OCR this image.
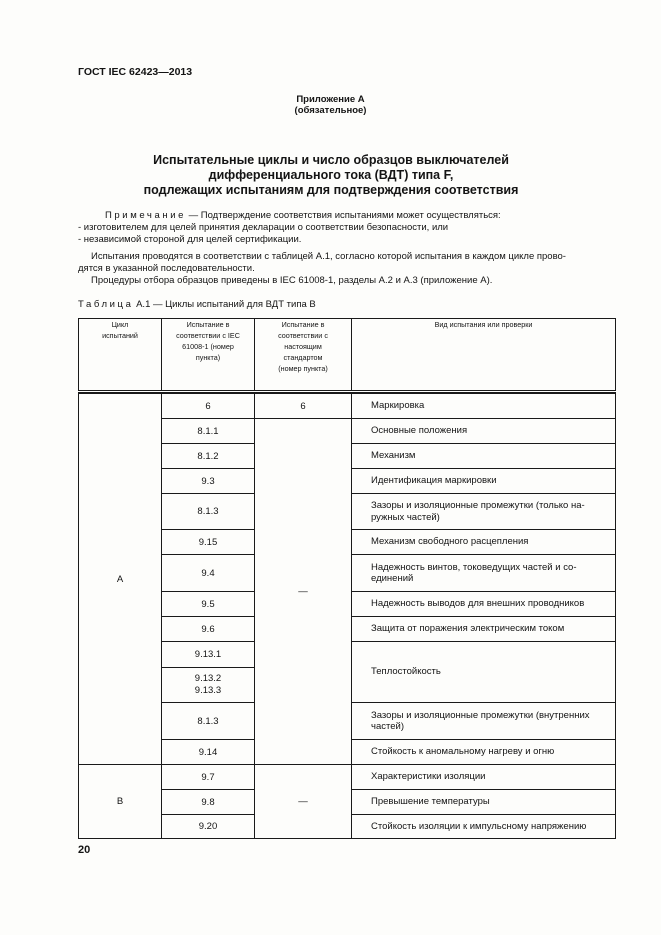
ГОСТ IEC 62423—2013
Приложение А
(обязательное)
Испытательные циклы и число образцов выключателей
дифференциального тока (ВДТ) типа F,
подлежащих испытаниям для подтверждения соответствия
Примечание — Подтверждение соответствия испытаниями может осуществляться:
- изготовителем для целей принятия декларации о соответствии безопасности, или
- независимой стороной для целей сертификации.
Испытания проводятся в соответствии с таблицей А.1, согласно которой испытания в каждом цикле прово-
дятся в указанной последовательности.
Процедуры отбора образцов приведены в IEC 61008-1, разделы А.2 и А.3 (приложение А).
Таблица А.1 — Циклы испытаний для ВДТ типа В
Цикл испытаний	Испытание в соответствии с IEC 61008-1 (номер пункта)	Испытание в соответствии с настоящим стандартом (номер пункта)	Вид испытания или проверки

А	6	6	Маркировка
	8.1.1	—	Основные положения
	8.1.2		Механизм
	9.3		Идентификация маркировки
	8.1.3		Зазоры и изоляционные промежутки (только на-ружных частей)
	9.15		Механизм свободного расцепления
	9.4		Надежность винтов, токоведущих частей и со-единений
	9.5		Надежность выводов для внешних проводников
	9.6		Защита от поражения электрическим током
	9.13.1		Теплостойкость

	9.13.2 9.13.3		

	8.1.3		Зазоры и изоляционные промежутки (внутренних частей)
	9.14		Стойкость к аномальному нагреву и огню
В	9.7	—	Характеристики изоляции
	9.8		Превышение температуры
	9.20		Стойкость изоляции к импульсному напряжению
20
